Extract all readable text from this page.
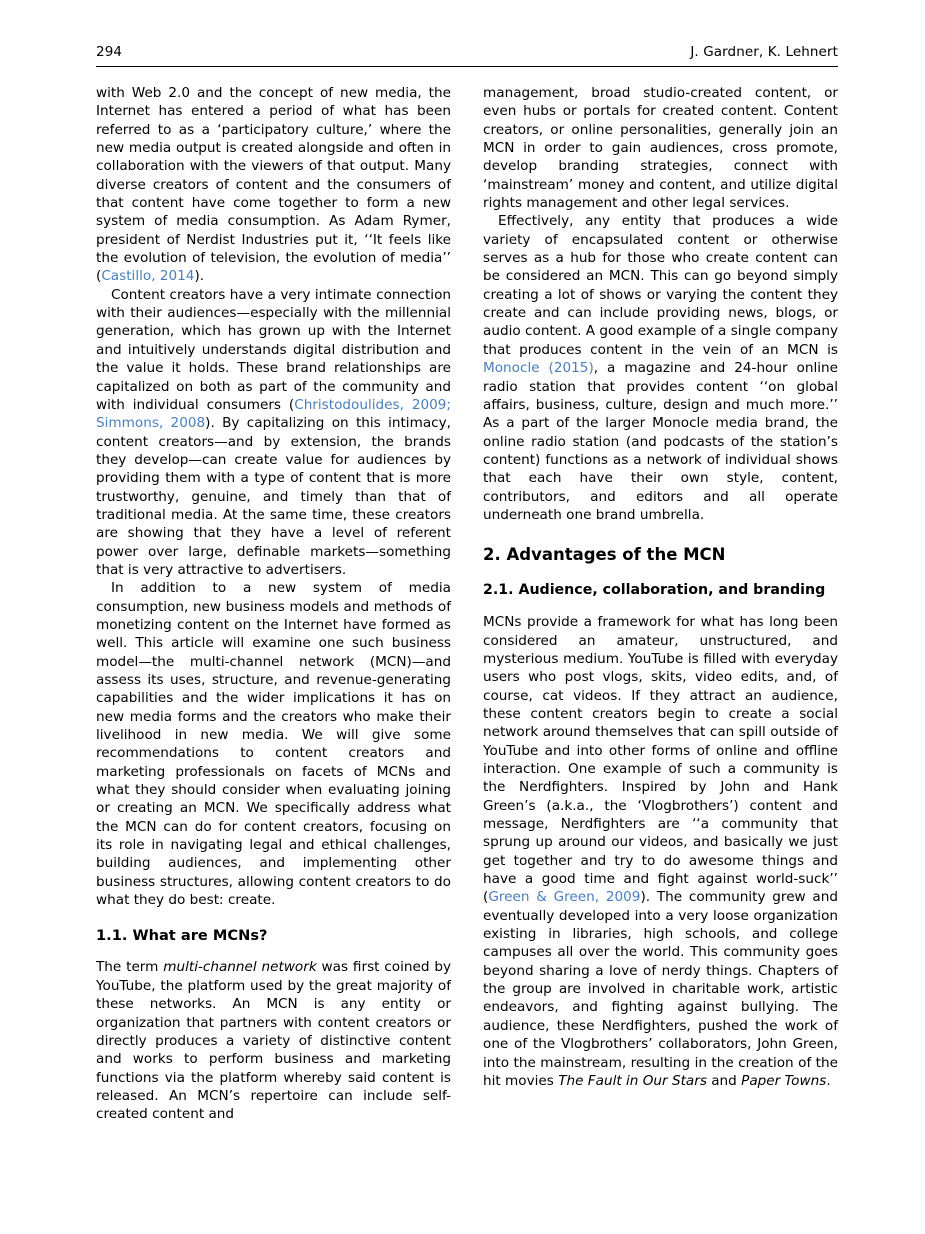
294	J. Gardner, K. Lehnert

with Web 2.0 and the concept of new media, the Internet has entered a period of what has been referred to as a ‘participatory culture,’ where the new media output is created alongside and often in collaboration with the viewers of that output. Many diverse creators of content and the consumers of that content have come together to form a new system of media consumption. As Adam Rymer, president of Nerdist Industries put it, ‘‘It feels like the evolution of television, the evolution of media’’ (Castillo, 2014).

Content creators have a very intimate connection with their audiences—especially with the millennial generation, which has grown up with the Internet and intuitively understands digital distribution and the value it holds. These brand relationships are capitalized on both as part of the community and with individual consumers (Christodoulides, 2009; Simmons, 2008). By capitalizing on this intimacy, content creators—and by extension, the brands they develop—can create value for audiences by providing them with a type of content that is more trustworthy, genuine, and timely than that of traditional media. At the same time, these creators are showing that they have a level of referent power over large, definable markets—something that is very attractive to advertisers.

In addition to a new system of media consumption, new business models and methods of monetizing content on the Internet have formed as well. This article will examine one such business model—the multi-channel network (MCN)—and assess its uses, structure, and revenue-generating capabilities and the wider implications it has on new media forms and the creators who make their livelihood in new media. We will give some recommendations to content creators and marketing professionals on facets of MCNs and what they should consider when evaluating joining or creating an MCN. We specifically address what the MCN can do for content creators, focusing on its role in navigating legal and ethical challenges, building audiences, and implementing other business structures, allowing content creators to do what they do best: create.

1.1. What are MCNs?

The term multi-channel network was first coined by YouTube, the platform used by the great majority of these networks. An MCN is any entity or organization that partners with content creators or directly produces a variety of distinctive content and works to perform business and marketing functions via the platform whereby said content is released. An MCN’s repertoire can include self-created content and

management, broad studio-created content, or even hubs or portals for created content. Content creators, or online personalities, generally join an MCN in order to gain audiences, cross promote, develop branding strategies, connect with ‘mainstream’ money and content, and utilize digital rights management and other legal services.

Effectively, any entity that produces a wide variety of encapsulated content or otherwise serves as a hub for those who create content can be considered an MCN. This can go beyond simply creating a lot of shows or varying the content they create and can include providing news, blogs, or audio content. A good example of a single company that produces content in the vein of an MCN is Monocle (2015), a magazine and 24-hour online radio station that provides content ‘‘on global affairs, business, culture, design and much more.’’ As a part of the larger Monocle media brand, the online radio station (and podcasts of the station’s content) functions as a network of individual shows that each have their own style, content, contributors, and editors and all operate underneath one brand umbrella.

2. Advantages of the MCN
2.1. Audience, collaboration, and branding

MCNs provide a framework for what has long been considered an amateur, unstructured, and mysterious medium. YouTube is filled with everyday users who post vlogs, skits, video edits, and, of course, cat videos. If they attract an audience, these content creators begin to create a social network around themselves that can spill outside of YouTube and into other forms of online and offline interaction. One example of such a community is the Nerdfighters. Inspired by John and Hank Green’s (a.k.a., the ‘Vlogbrothers’) content and message, Nerdfighters are ‘‘a community that sprung up around our videos, and basically we just get together and try to do awesome things and have a good time and fight against world-suck’’ (Green & Green, 2009). The community grew and eventually developed into a very loose organization existing in libraries, high schools, and college campuses all over the world. This community goes beyond sharing a love of nerdy things. Chapters of the group are involved in charitable work, artistic endeavors, and fighting against bullying. The audience, these Nerdfighters, pushed the work of one of the Vlogbrothers’ collaborators, John Green, into the mainstream, resulting in the creation of the hit movies The Fault in Our Stars and Paper Towns.
